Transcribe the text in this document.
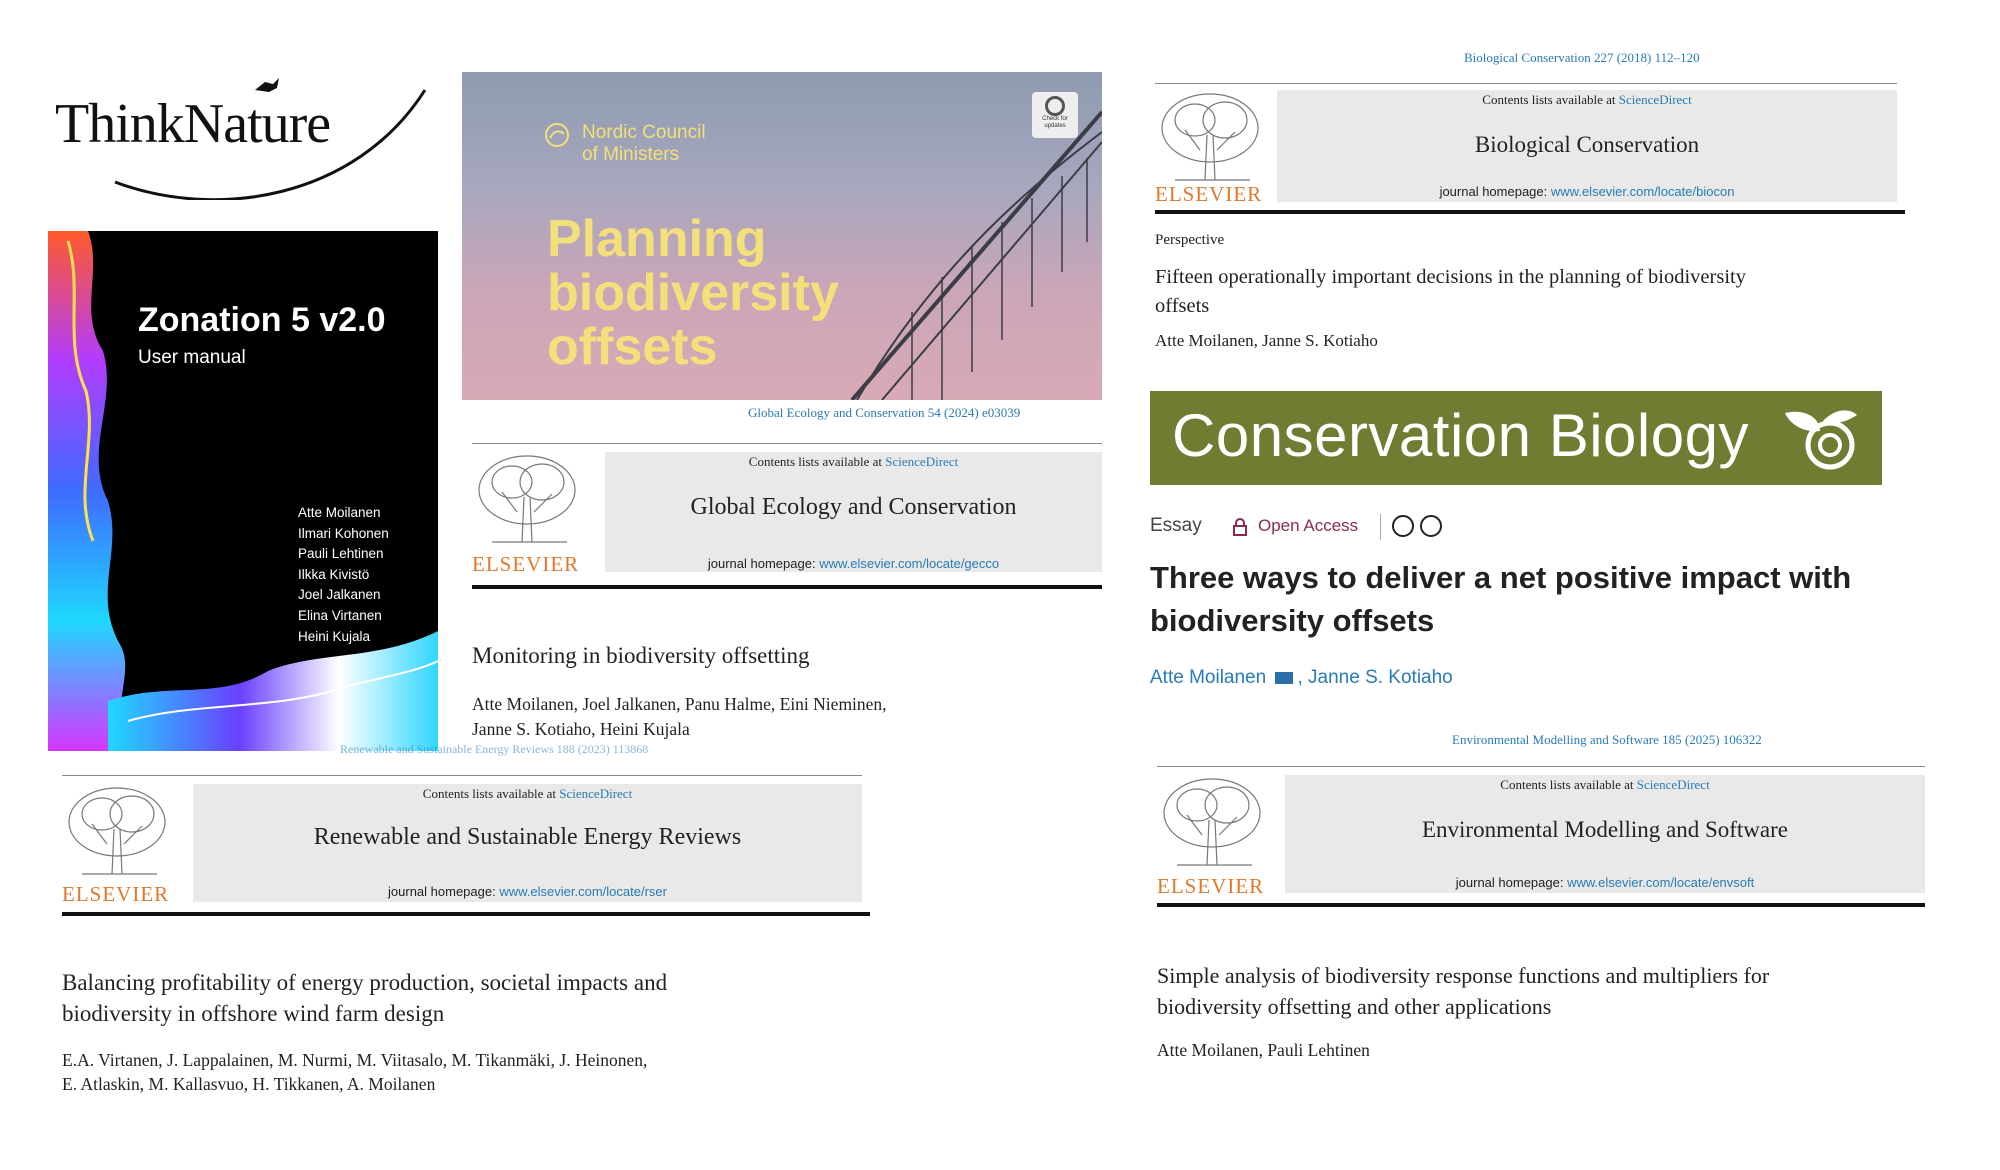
ThinkNature
Zonation 5 v2.0
User manual
Atte Moilanen
Ilmari Kohonen
Pauli Lehtinen
Ilkka Kivistö
Joel Jalkanen
Elina Virtanen
Heini Kujala
Nordic Council
of Ministers
Planning
biodiversity
offsets
Check for updates
Global Ecology and Conservation 54 (2024) e03039
ELSEVIER
Contents lists available at ScienceDirect
Global Ecology and Conservation
journal homepage: www.elsevier.com/locate/gecco
Monitoring in biodiversity offsetting
Atte Moilanen, Joel Jalkanen, Panu Halme, Eini Nieminen,
Janne S. Kotiaho, Heini Kujala
Renewable and Sustainable Energy Reviews 188 (2023) 113868
ELSEVIER
Contents lists available at ScienceDirect
Renewable and Sustainable Energy Reviews
journal homepage: www.elsevier.com/locate/rser
Balancing profitability of energy production, societal impacts and
biodiversity in offshore wind farm design
E.A. Virtanen, J. Lappalainen, M. Nurmi, M. Viitasalo, M. Tikanmäki, J. Heinonen,
E. Atlaskin, M. Kallasvuo, H. Tikkanen, A. Moilanen
Biological Conservation 227 (2018) 112–120
ELSEVIER
Contents lists available at ScienceDirect
Biological Conservation
journal homepage: www.elsevier.com/locate/biocon
Perspective
Fifteen operationally important decisions in the planning of biodiversity
offsets
Atte Moilanen, Janne S. Kotiaho
Conservation Biology
Essay	Open Access
Three ways to deliver a net positive impact with
biodiversity offsets
Atte Moilanen , Janne S. Kotiaho
Environmental Modelling and Software 185 (2025) 106322
ELSEVIER
Contents lists available at ScienceDirect
Environmental Modelling and Software
journal homepage: www.elsevier.com/locate/envsoft
Simple analysis of biodiversity response functions and multipliers for
biodiversity offsetting and other applications
Atte Moilanen, Pauli Lehtinen
